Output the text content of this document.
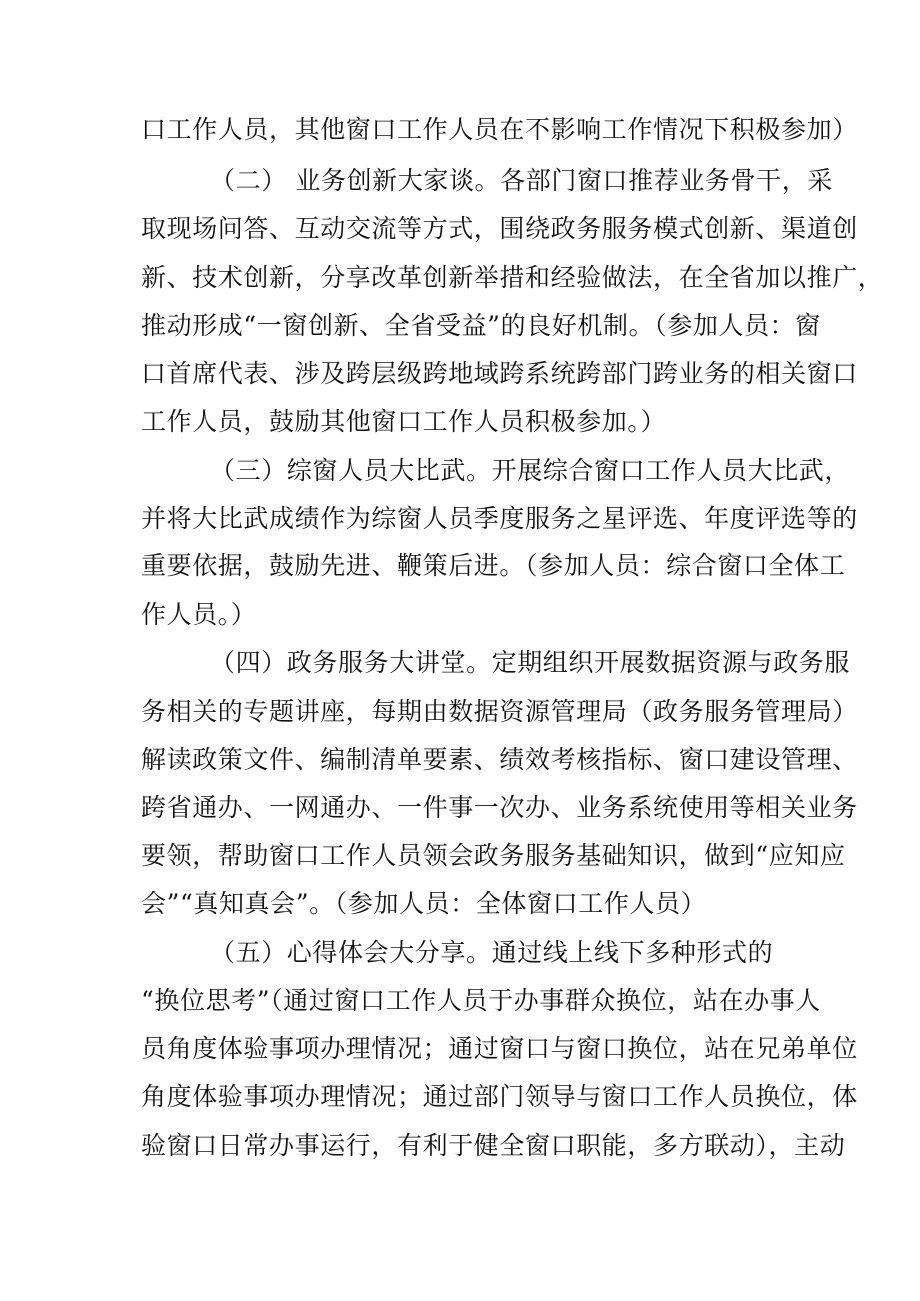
口工作人员，其他窗口工作人员在不影响工作情况下积极参加）
（二） 业务创新大家谈。各部门窗口推荐业务骨干，采
取现场问答、互动交流等方式，围绕政务服务模式创新、渠道创
新、技术创新，分享改革创新举措和经验做法，在全省加以推广，
推动形成“一窗创新、全省受益”的良好机制。（参加人员：窗
口首席代表、涉及跨层级跨地域跨系统跨部门跨业务的相关窗口
工作人员，鼓励其他窗口工作人员积极参加。）
（三）综窗人员大比武。开展综合窗口工作人员大比武，
并将大比武成绩作为综窗人员季度服务之星评选、年度评选等的
重要依据，鼓励先进、鞭策后进。（参加人员：综合窗口全体工
作人员。）
（四）政务服务大讲堂。定期组织开展数据资源与政务服
务相关的专题讲座，每期由数据资源管理局（政务服务管理局）
解读政策文件、编制清单要素、绩效考核指标、窗口建设管理、
跨省通办、一网通办、一件事一次办、业务系统使用等相关业务
要领，帮助窗口工作人员领会政务服务基础知识，做到“应知应
会”“真知真会”。（参加人员：全体窗口工作人员）
（五）心得体会大分享。通过线上线下多种形式的
“换位思考”（通过窗口工作人员于办事群众换位，站在办事人
员角度体验事项办理情况；通过窗口与窗口换位，站在兄弟单位
角度体验事项办理情况；通过部门领导与窗口工作人员换位，体
验窗口日常办事运行，有利于健全窗口职能，多方联动），主动
